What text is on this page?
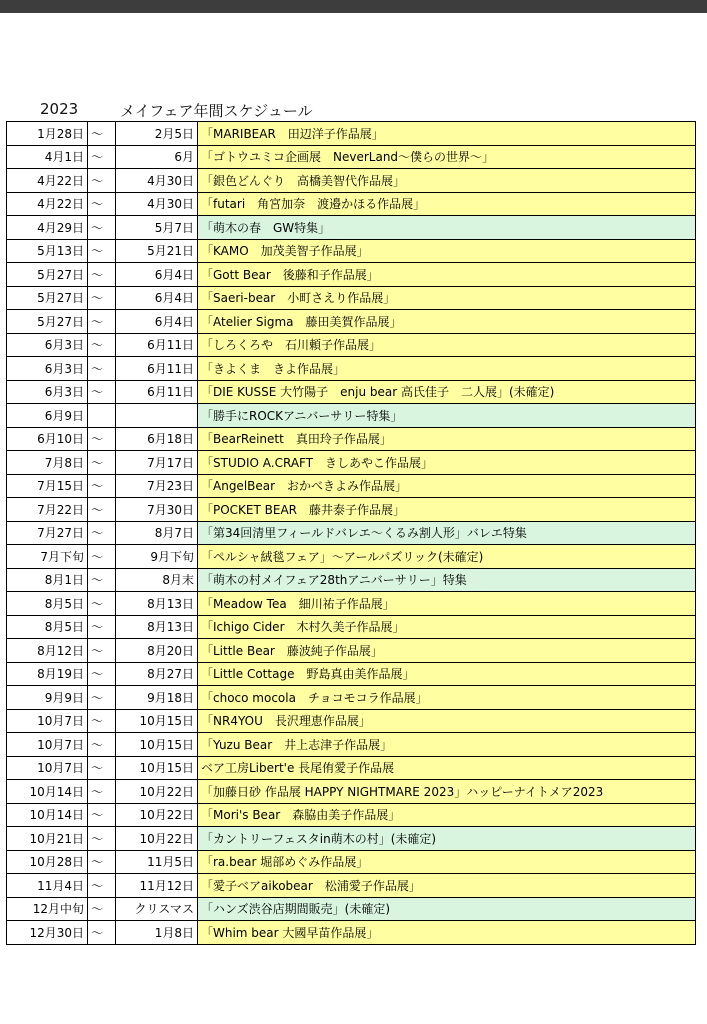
2023	メイフェア年間スケジュール
1月28日	〜	2月5日	「MARIBEAR　田辺洋子作品展」
4月1日	〜	6月	「ゴトウユミコ企画展　NeverLand〜僕らの世界〜」
4月22日	〜	4月30日	「銀色どんぐり　高橋美智代作品展」
4月22日	〜	4月30日	「futari　角宮加奈　渡邉かほる作品展」
4月29日	〜	5月7日	「萌木の春　GW特集」
5月13日	〜	5月21日	「KAMO　加茂美智子作品展」
5月27日	〜	6月4日	「Gott Bear　後藤和子作品展」
5月27日	〜	6月4日	「Saeri-bear　小町さえり作品展」
5月27日	〜	6月4日	「Atelier Sigma　藤田美賀作品展」
6月3日	〜	6月11日	「しろくろや　石川頼子作品展」
6月3日	〜	6月11日	「きよくま　きよ作品展」
6月3日	〜	6月11日	「DIE KUSSE 大竹陽子　enju bear 高氏佳子　二人展」(未確定)
6月9日			「勝手にROCKアニバーサリー特集」
6月10日	〜	6月18日	「BearReinett　真田玲子作品展」
7月8日	〜	7月17日	「STUDIO A.CRAFT　きしあやこ作品展」
7月15日	〜	7月23日	「AngelBear　おかべきよみ作品展」
7月22日	〜	7月30日	「POCKET BEAR　藤井泰子作品展」
7月27日	〜	8月7日	「第34回清里フィールドバレエ〜くるみ割人形」バレエ特集
7月下旬	〜	9月下旬	「ペルシャ絨毯フェア」〜アールパズリック(未確定)
8月1日	〜	8月末	「萌木の村メイフェア28thアニバーサリー」特集
8月5日	〜	8月13日	「Meadow Tea　細川祐子作品展」
8月5日	〜	8月13日	「Ichigo Cider　木村久美子作品展」
8月12日	〜	8月20日	「Little Bear　藤波純子作品展」
8月19日	〜	8月27日	「Little Cottage　野島真由美作品展」
9月9日	〜	9月18日	「choco mocola　チョコモコラ作品展」
10月7日	〜	10月15日	「NR4YOU　長沢理恵作品展」
10月7日	〜	10月15日	「Yuzu Bear　井上志津子作品展」
10月7日	〜	10月15日	ベア工房Libert'e 長尾侑愛子作品展
10月14日	〜	10月22日	「加藤日砂 作品展 HAPPY NIGHTMARE 2023」ハッピーナイトメア2023
10月14日	〜	10月22日	「Mori's Bear　森脇由美子作品展」
10月21日	〜	10月22日	「カントリーフェスタin萌木の村」(未確定)
10月28日	〜	11月5日	「ra.bear 堀部めぐみ作品展」
11月4日	〜	11月12日	「愛子ベアaikobear　松浦愛子作品展」
12月中旬	〜	クリスマス	「ハンズ渋谷店期間販売」(未確定)
12月30日	〜	1月8日	「Whim bear 大國早苗作品展」
